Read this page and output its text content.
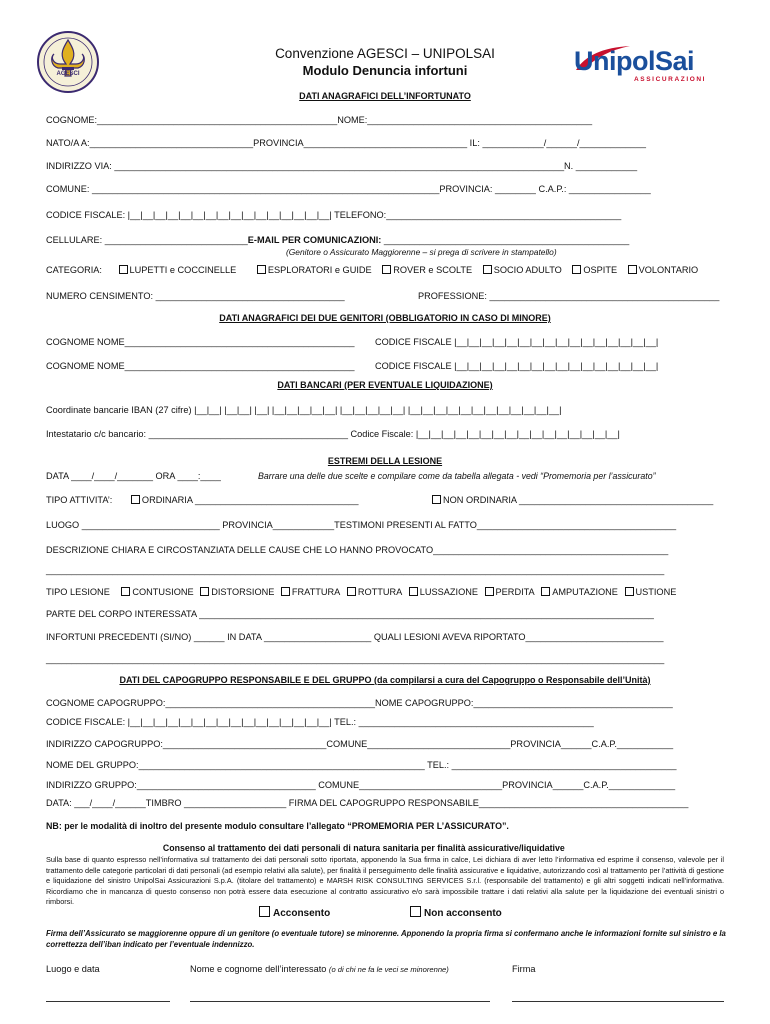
AGESCI
Convenzione AGESCI – UNIPOLSAI
Modulo Denuncia infortuni	UnipolSai
ASSICURAZIONI
DATI ANAGRAFICI DELL’INFORTUNATO
COGNOME:_______________________________________________NOME:____________________________________________
NATO/A A:________________________________PROVINCIA________________________________ IL: ____________/______/_____________
INDIRIZZO VIA: ________________________________________________________________________________________N. ____________
COMUNE: ____________________________________________________________________PROVINCIA: ________ C.A.P.: ________________
CODICE FISCALE: |__|__|__|__|__|__|__|__|__|__|__|__|__|__|__|__| TELEFONO:______________________________________________
CELLULARE: ____________________________E-MAIL PER COMUNICAZIONI: ________________________________________________
(Genitore o Assicurato Maggiorenne – si prega di scrivere in stampatello)
CATEGORIA:	LUPETTI e COCCINELLE	ESPLORATORI e GUIDE ROVER e SCOLTE SOCIO ADULTO OSPITE VOLONTARIO
NUMERO CENSIMENTO: _____________________________________	PROFESSIONE: _____________________________________________
DATI ANAGRAFICI DEI DUE GENITORI (OBBLIGATORIO IN CASO DI MINORE)
COGNOME NOME_____________________________________________ CODICE FISCALE |__|__|__|__|__|__|__|__|__|__|__|__|__|__|__|__|
COGNOME NOME_____________________________________________ CODICE FISCALE |__|__|__|__|__|__|__|__|__|__|__|__|__|__|__|__|
DATI BANCARI (PER EVENTUALE LIQUIDAZIONE)
Coordinate bancarie IBAN (27 cifre) |__|__| |__|__| |__| |__|__|__|__|__| |__|__|__|__|__| |__|__|__|__|__|__|__|__|__|__|__|__|
Intestatario c/c bancario: _______________________________________ Codice Fiscale: |__|__|__|__|__|__|__|__|__|__|__|__|__|__|__|__|
ESTREMI DELLA LESIONE
DATA ____/____/_______ ORA ____:____	Barrare una delle due scelte e compilare come da tabella allegata - vedi “Promemoria per l’assicurato”
TIPO ATTIVITA’:	ORDINARIA ________________________________	NON ORDINARIA ______________________________________
LUOGO ___________________________ PROVINCIA____________TESTIMONI PRESENTI AL FATTO_______________________________________
DESCRIZIONE CHIARA E CIRCOSTANZIATA DELLE CAUSE CHE LO HANNO PROVOCATO______________________________________________
_________________________________________________________________________________________________________________________
TIPO LESIONE CONTUSIONE DISTORSIONE FRATTURA ROTTURA LUSSAZIONE PERDITA AMPUTAZIONE USTIONE
PARTE DEL CORPO INTERESSATA _________________________________________________________________________________________
INFORTUNI PRECEDENTI (SI/NO) ______ IN DATA _____________________ QUALI LESIONI AVEVA RIPORTATO___________________________
_________________________________________________________________________________________________________________________
DATI DEL CAPOGRUPPO RESPONSABILE E DEL GRUPPO (da compilarsi a cura del Capogruppo o Responsabile dell’Unità)
COGNOME CAPOGRUPPO:_________________________________________NOME CAPOGRUPPO:_______________________________________
CODICE FISCALE: |__|__|__|__|__|__|__|__|__|__|__|__|__|__|__|__| TEL.: ______________________________________________
INDIRIZZO CAPOGRUPPO:________________________________COMUNE____________________________PROVINCIA______C.A.P.___________
NOME DEL GRUPPO:________________________________________________________ TEL.: ____________________________________________
INDIRIZZO GRUPPO:___________________________________ COMUNE____________________________PROVINCIA______C.A.P._____________
DATA: ___/____/______TIMBRO ____________________ FIRMA DEL CAPOGRUPPO RESPONSABILE_________________________________________
NB: per le modalità di inoltro del presente modulo consultare l’allegato “PROMEMORIA PER L’ASSICURATO”.
Consenso al trattamento dei dati personali di natura sanitaria per finalità assicurative/liquidative
Sulla base di quanto espresso nell’informativa sul trattamento dei dati personali sotto riportata, apponendo la Sua firma in calce, Lei dichiara di aver letto l’informativa ed esprime il consenso, valevole per il trattamento delle categorie particolari di dati personali (ad esempio relativi alla salute), per finalità il perseguimento delle finalità assicurative e liquidative, autorizzando così al trattamento per l’attività di gestione e liquidazione del sinistro UnipolSai Assicurazioni S.p.A. (titolare del trattamento) e MARSH RISK CONSULTING SERVICES S.r.l. (responsabile del trattamento) e gli altri soggetti indicati nell’informativa. Ricordiamo che in mancanza di questo consenso non potrà essere data esecuzione al contratto assicurativo e/o sarà impossibile trattare i dati relativi alla salute per la liquidazione dei eventuali sinistri o rimborsi.
Acconsento	Non acconsento
Firma dell’Assicurato se maggiorenne oppure di un genitore (o eventuale tutore) se minorenne. Apponendo la propria firma si confermano anche le informazioni fornite sul sinistro e la correttezza dell’iban indicato per l’eventuale indennizzo.
Luogo e data	Nome e cognome dell’interessato (o di chi ne fa le veci se minorenne)	Firma
